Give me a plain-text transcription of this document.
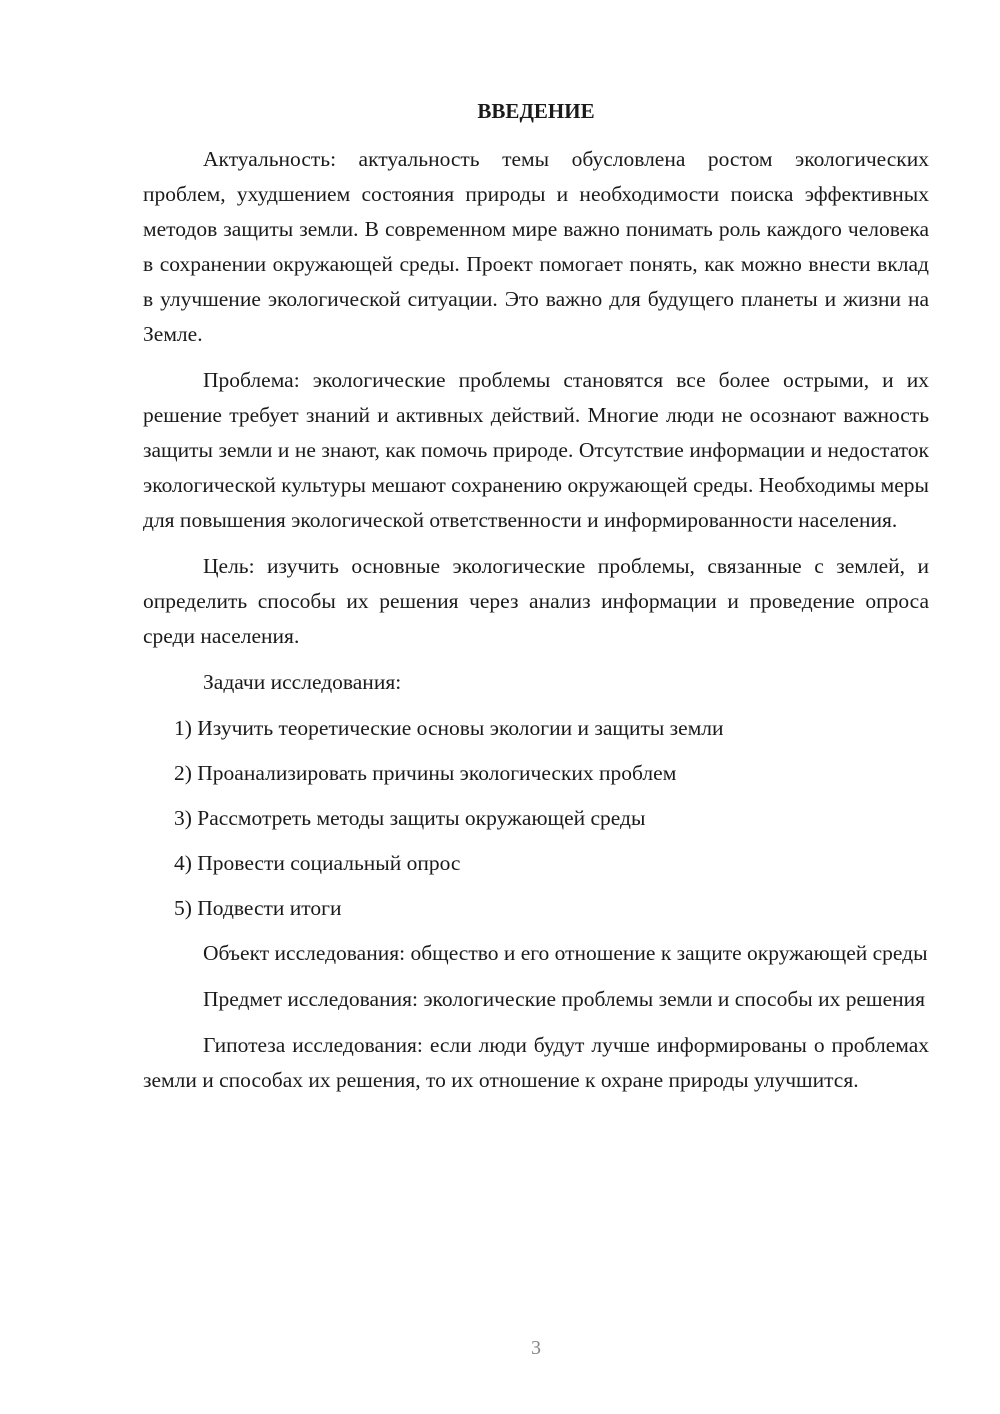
ВВЕДЕНИЕ

Актуальность: актуальность темы обусловлена ростом экологических проблем, ухудшением состояния природы и необходимости поиска эффективных методов защиты земли. В современном мире важно понимать роль каждого человека в сохранении окружающей среды. Проект помогает понять, как можно внести вклад в улучшение экологической ситуации. Это важно для будущего планеты и жизни на Земле.

Проблема: экологические проблемы становятся все более острыми, и их решение требует знаний и активных действий. Многие люди не осознают важность защиты земли и не знают, как помочь природе. Отсутствие информации и недостаток экологической культуры мешают сохранению окружающей среды. Необходимы меры для повышения экологической ответственности и информированности населения.

Цель: изучить основные экологические проблемы, связанные с землей, и определить способы их решения через анализ информации и проведение опроса среди населения.

Задачи исследования:

1) Изучить теоретические основы экологии и защиты земли
2) Проанализировать причины экологических проблем
3) Рассмотреть методы защиты окружающей среды
4) Провести социальный опрос
5) Подвести итоги

Объект исследования: общество и его отношение к защите окружающей среды

Предмет исследования: экологические проблемы земли и способы их решения

Гипотеза исследования: если люди будут лучше информированы о проблемах земли и способах их решения, то их отношение к охране природы улучшится.

3
